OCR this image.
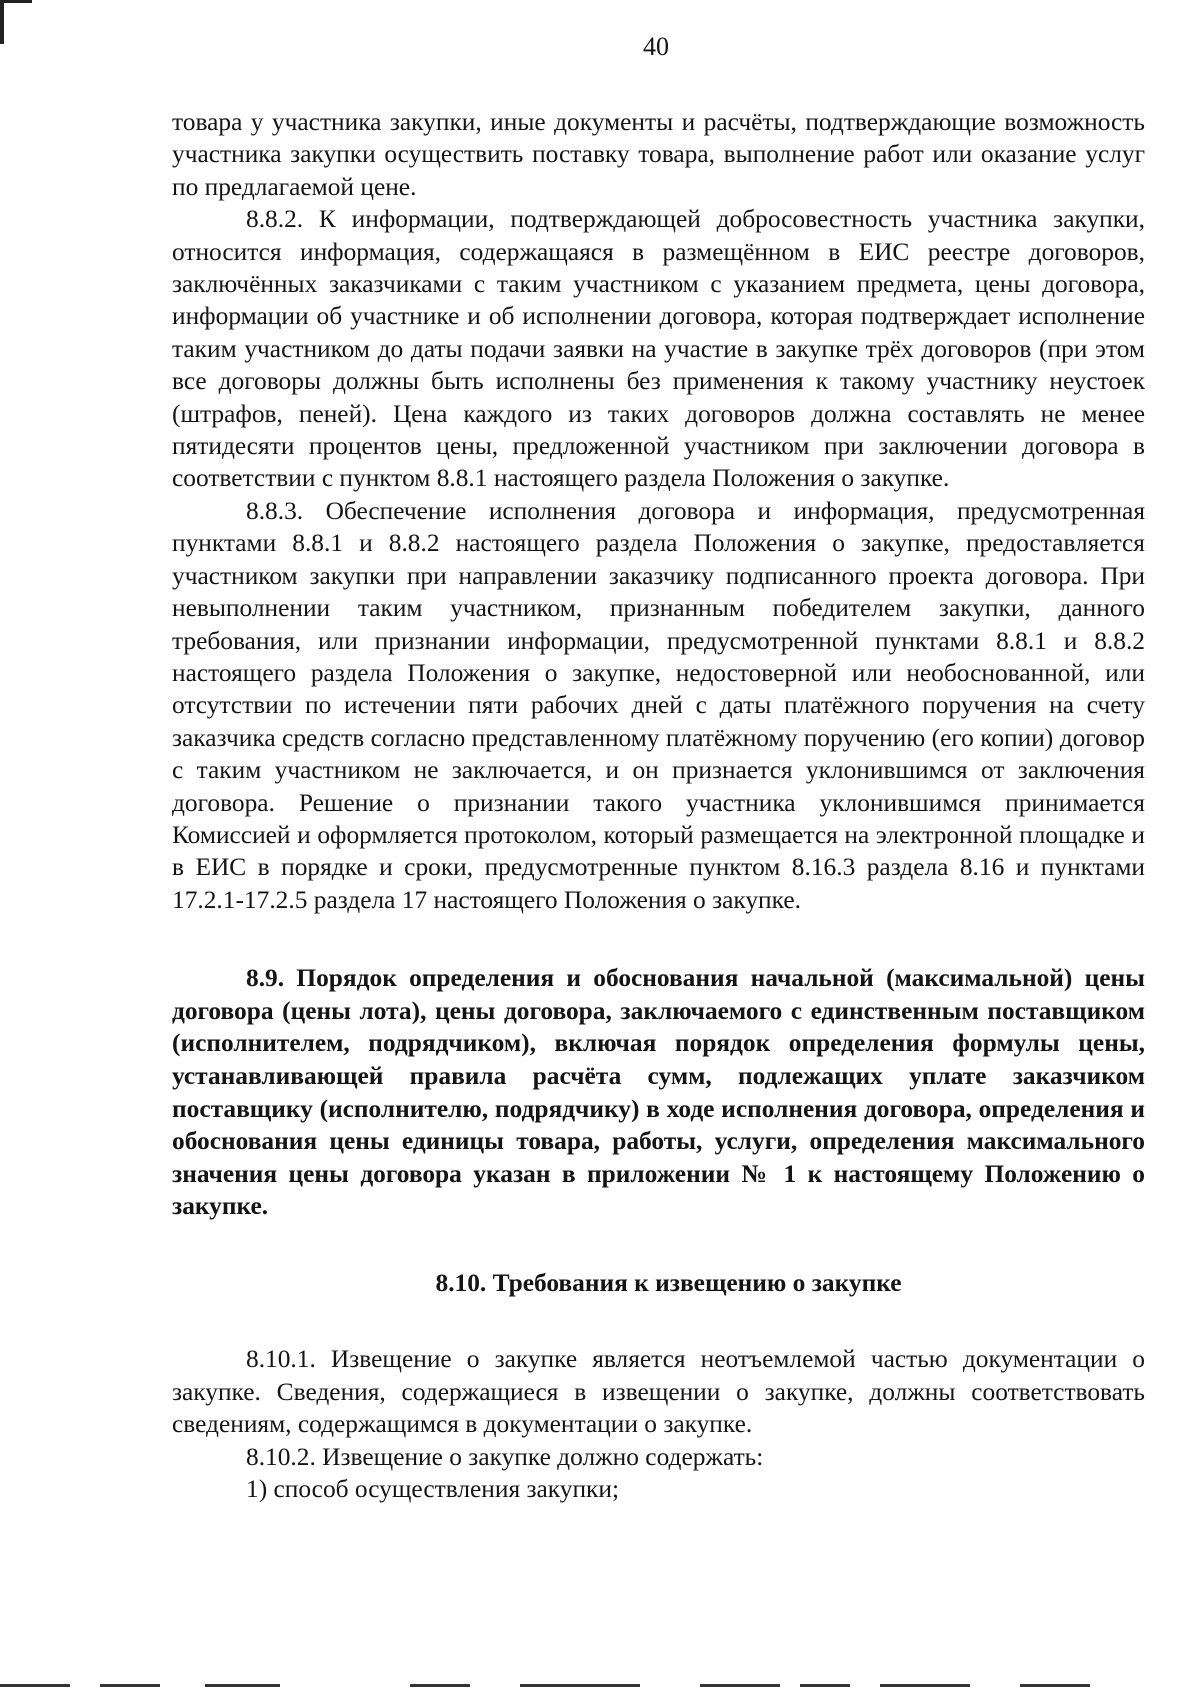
40

товара у участника закупки, иные документы и расчёты, подтверждающие возможность участника закупки осуществить поставку товара, выполнение работ или оказание услуг по предлагаемой цене.

8.8.2. К информации, подтверждающей добросовестность участника закупки, относится информация, содержащаяся в размещённом в ЕИС реестре договоров, заключённых заказчиками с таким участником с указанием предмета, цены договора, информации об участнике и об исполнении договора, которая подтверждает исполнение таким участником до даты подачи заявки на участие в закупке трёх договоров (при этом все договоры должны быть исполнены без применения к такому участнику неустоек (штрафов, пеней). Цена каждого из таких договоров должна составлять не менее пятидесяти процентов цены, предложенной участником при заключении договора в соответствии с пунктом 8.8.1 настоящего раздела Положения о закупке.

8.8.3. Обеспечение исполнения договора и информация, предусмотренная пунктами 8.8.1 и 8.8.2 настоящего раздела Положения о закупке, предоставляется участником закупки при направлении заказчику подписанного проекта договора. При невыполнении таким участником, признанным победителем закупки, данного требования, или признании информации, предусмотренной пунктами 8.8.1 и 8.8.2 настоящего раздела Положения о закупке, недостоверной или необоснованной, или отсутствии по истечении пяти рабочих дней с даты платёжного поручения на счету заказчика средств согласно представленному платёжному поручению (его копии) договор с таким участником не заключается, и он признается уклонившимся от заключения договора. Решение о признании такого участника уклонившимся принимается Комиссией и оформляется протоколом, который размещается на электронной площадке и в ЕИС в порядке и сроки, предусмотренные пунктом 8.16.3 раздела 8.16 и пунктами 17.2.1-17.2.5 раздела 17 настоящего Положения о закупке.

8.9. Порядок определения и обоснования начальной (максимальной) цены договора (цены лота), цены договора, заключаемого с единственным поставщиком (исполнителем, подрядчиком), включая порядок определения формулы цены, устанавливающей правила расчёта сумм, подлежащих уплате заказчиком поставщику (исполнителю, подрядчику) в ходе исполнения договора, определения и обоснования цены единицы товара, работы, услуги, определения максимального значения цены договора указан в приложении № 1 к настоящему Положению о закупке.

8.10. Требования к извещению о закупке

8.10.1. Извещение о закупке является неотъемлемой частью документации о закупке. Сведения, содержащиеся в извещении о закупке, должны соответствовать сведениям, содержащимся в документации о закупке.

8.10.2. Извещение о закупке должно содержать:

1) способ осуществления закупки;
